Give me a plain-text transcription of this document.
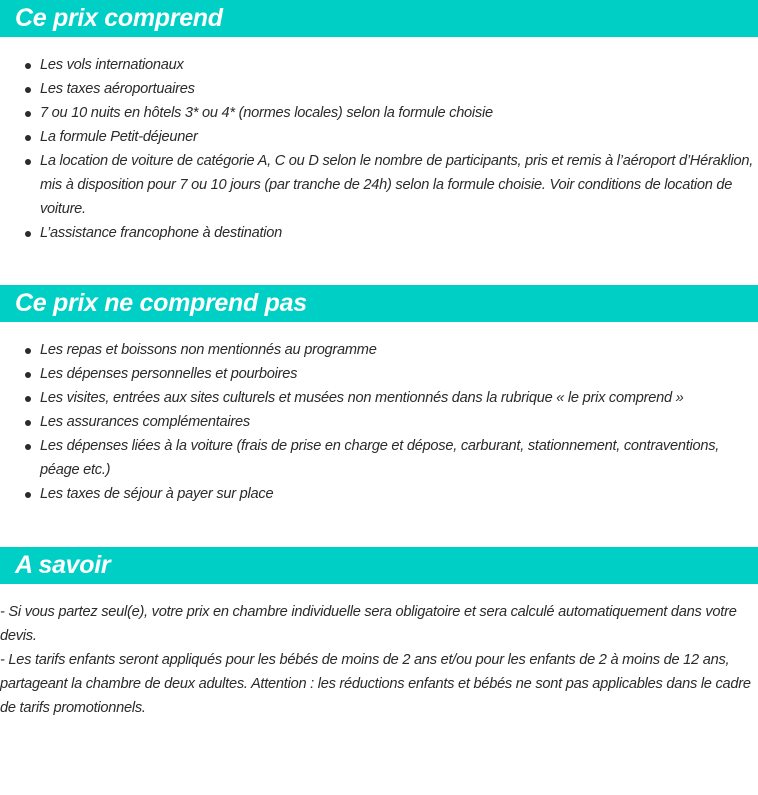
Ce prix comprend
Les vols internationaux
Les taxes aéroportuaires
7 ou 10 nuits en hôtels 3* ou 4* (normes locales) selon la formule choisie
La formule Petit-déjeuner
La location de voiture de catégorie A, C ou D selon le nombre de participants, pris et remis à l’aéroport d’Héraklion, mis à disposition pour 7 ou 10 jours (par tranche de 24h) selon la formule choisie. Voir conditions de location de voiture.
L’assistance francophone à destination
Ce prix ne comprend pas
Les repas et boissons non mentionnés au programme
Les dépenses personnelles et pourboires
Les visites, entrées aux sites culturels et musées non mentionnés dans la rubrique « le prix comprend »
Les assurances complémentaires
Les dépenses liées à la voiture (frais de prise en charge et dépose, carburant, stationnement, contraventions, péage etc.)
Les taxes de séjour à payer sur place
A savoir

- Si vous partez seul(e), votre prix en chambre individuelle sera obligatoire et sera calculé automatiquement dans votre devis.

- Les tarifs enfants seront appliqués pour les bébés de moins de 2 ans et/ou pour les enfants de 2 à moins de 12 ans, partageant la chambre de deux adultes. Attention : les réductions enfants et bébés ne sont pas applicables dans le cadre de tarifs promotionnels.
